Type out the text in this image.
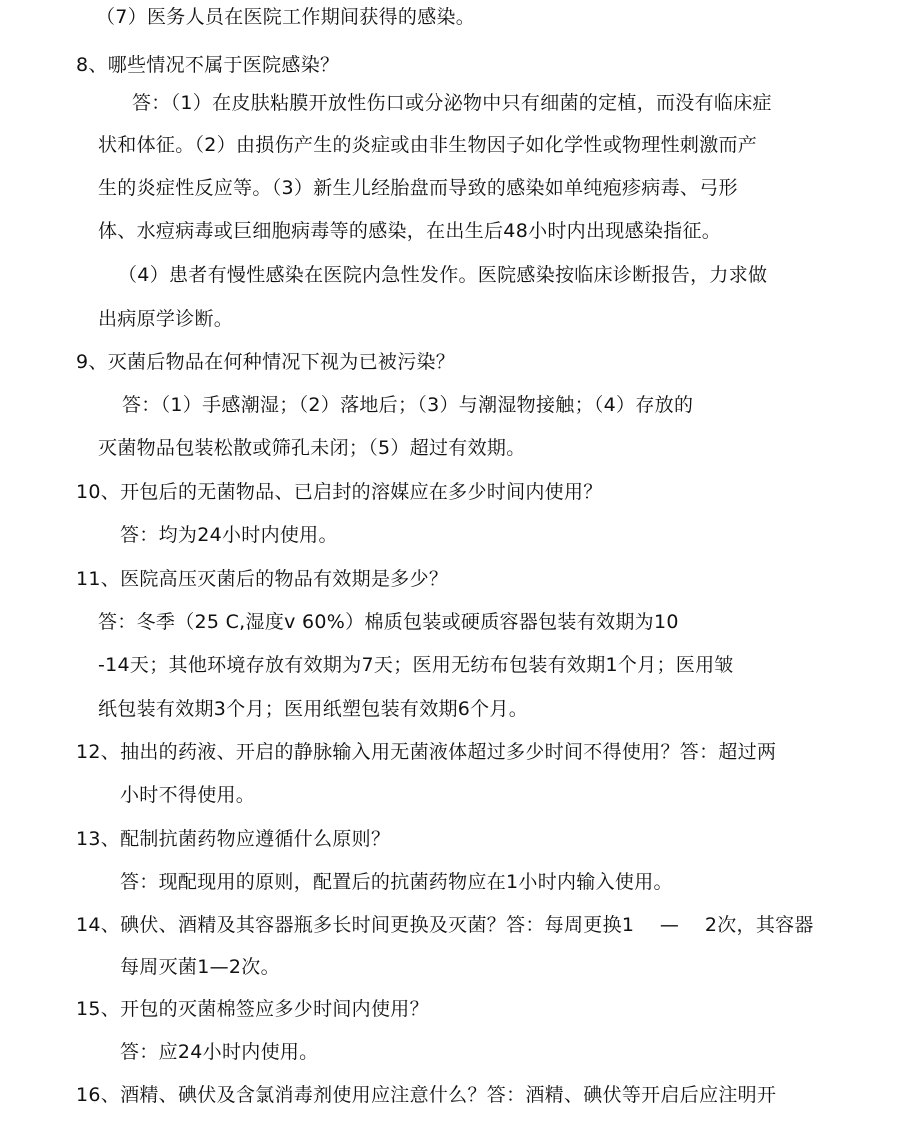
（7）医务人员在医院工作期间获得的感染。
8、哪些情况不属于医院感染？
答：（1）在皮肤粘膜开放性伤口或分泌物中只有细菌的定植，而没有临床症
状和体征。（2）由损伤产生的炎症或由非生物因子如化学性或物理性刺激而产
生的炎症性反应等。（3）新生儿经胎盘而导致的感染如单纯疱疹病毒、弓形
体、水痘病毒或巨细胞病毒等的感染，在出生后48小时内出现感染指征。
（4）患者有慢性感染在医院内急性发作。医院感染按临床诊断报告，力求做
出病原学诊断。
9、灭菌后物品在何种情况下视为已被污染？
答：（1）手感潮湿；（2）落地后；（3）与潮湿物接触；（4）存放的
灭菌物品包装松散或筛孔未闭；（5）超过有效期。
10、开包后的无菌物品、已启封的溶媒应在多少时间内使用？
答：均为24小时内使用。
11、医院高压灭菌后的物品有效期是多少？
答：冬季（25 C,湿度v 60%）棉质包装或硬质容器包装有效期为10
-14天；其他环境存放有效期为7天；医用无纺布包装有效期1个月；医用皱
纸包装有效期3个月；医用纸塑包装有效期6个月。
12、抽出的药液、开启的静脉输入用无菌液体超过多少时间不得使用？答：超过两
小时不得使用。
13、配制抗菌药物应遵循什么原则？
答：现配现用的原则，配置后的抗菌药物应在1小时内输入使用。
14、碘伏、酒精及其容器瓶多长时间更换及灭菌？答：每周更换1　 —　 2次，其容器
每周灭菌1—2次。
15、开包的灭菌棉签应多少时间内使用？
答：应24小时内使用。
16、酒精、碘伏及含氯消毒剂使用应注意什么？答：酒精、碘伏等开启后应注明开
